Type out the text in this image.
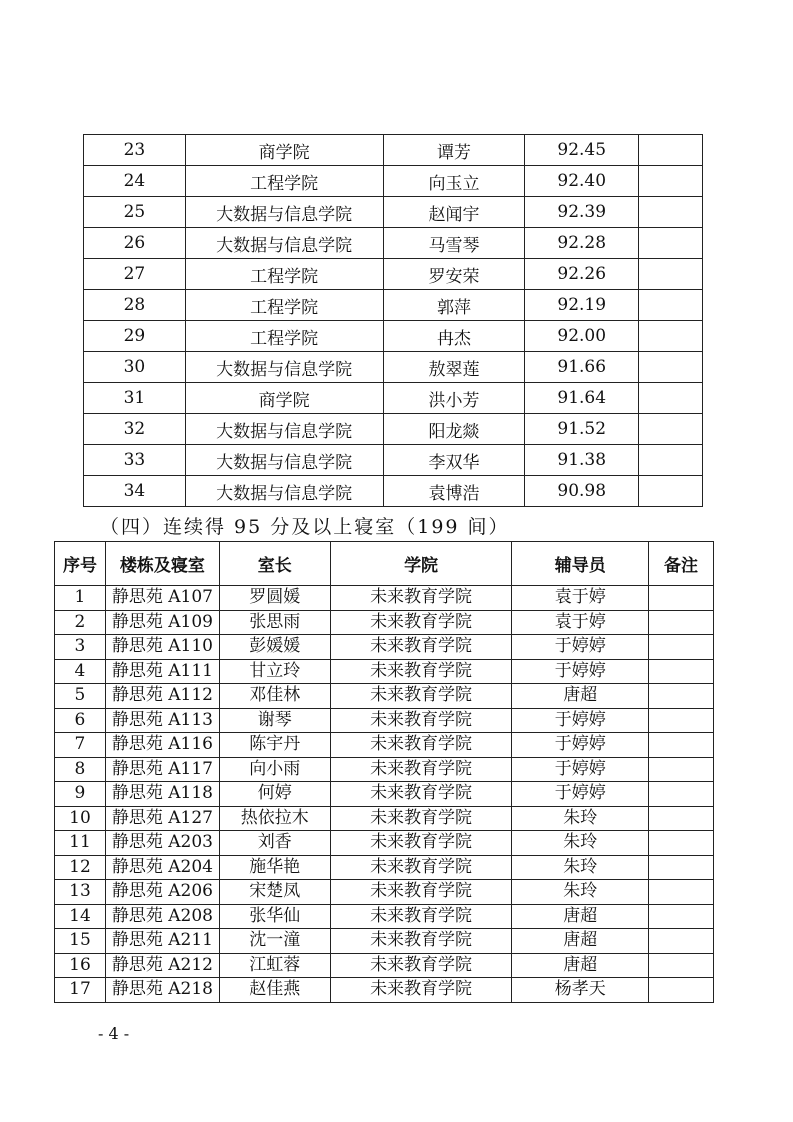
23	商学院	谭芳	92.45	
24	工程学院	向玉立	92.40	
25	大数据与信息学院	赵闻宇	92.39	
26	大数据与信息学院	马雪琴	92.28	
27	工程学院	罗安荣	92.26	
28	工程学院	郭萍	92.19	
29	工程学院	冉杰	92.00	
30	大数据与信息学院	敖翠莲	91.66	
31	商学院	洪小芳	91.64	
32	大数据与信息学院	阳龙燚	91.52	
33	大数据与信息学院	李双华	91.38	
34	大数据与信息学院	袁博浩	90.98	
（四）连续得 95 分及以上寝室（199 间）
序号	楼栋及寝室	室长	学院	辅导员	备注
1	静思苑 A107	罗圆媛	未来教育学院	袁于婷	
2	静思苑 A109	张思雨	未来教育学院	袁于婷	
3	静思苑 A110	彭媛媛	未来教育学院	于婷婷	
4	静思苑 A111	甘立玲	未来教育学院	于婷婷	
5	静思苑 A112	邓佳林	未来教育学院	唐超	
6	静思苑 A113	谢琴	未来教育学院	于婷婷	
7	静思苑 A116	陈宇丹	未来教育学院	于婷婷	
8	静思苑 A117	向小雨	未来教育学院	于婷婷	
9	静思苑 A118	何婷	未来教育学院	于婷婷	
10	静思苑 A127	热依拉木	未来教育学院	朱玲	
11	静思苑 A203	刘香	未来教育学院	朱玲	
12	静思苑 A204	施华艳	未来教育学院	朱玲	
13	静思苑 A206	宋楚凤	未来教育学院	朱玲	
14	静思苑 A208	张华仙	未来教育学院	唐超	
15	静思苑 A211	沈一潼	未来教育学院	唐超	
16	静思苑 A212	江虹蓉	未来教育学院	唐超	
17	静思苑 A218	赵佳燕	未来教育学院	杨孝天	
- 4 -
